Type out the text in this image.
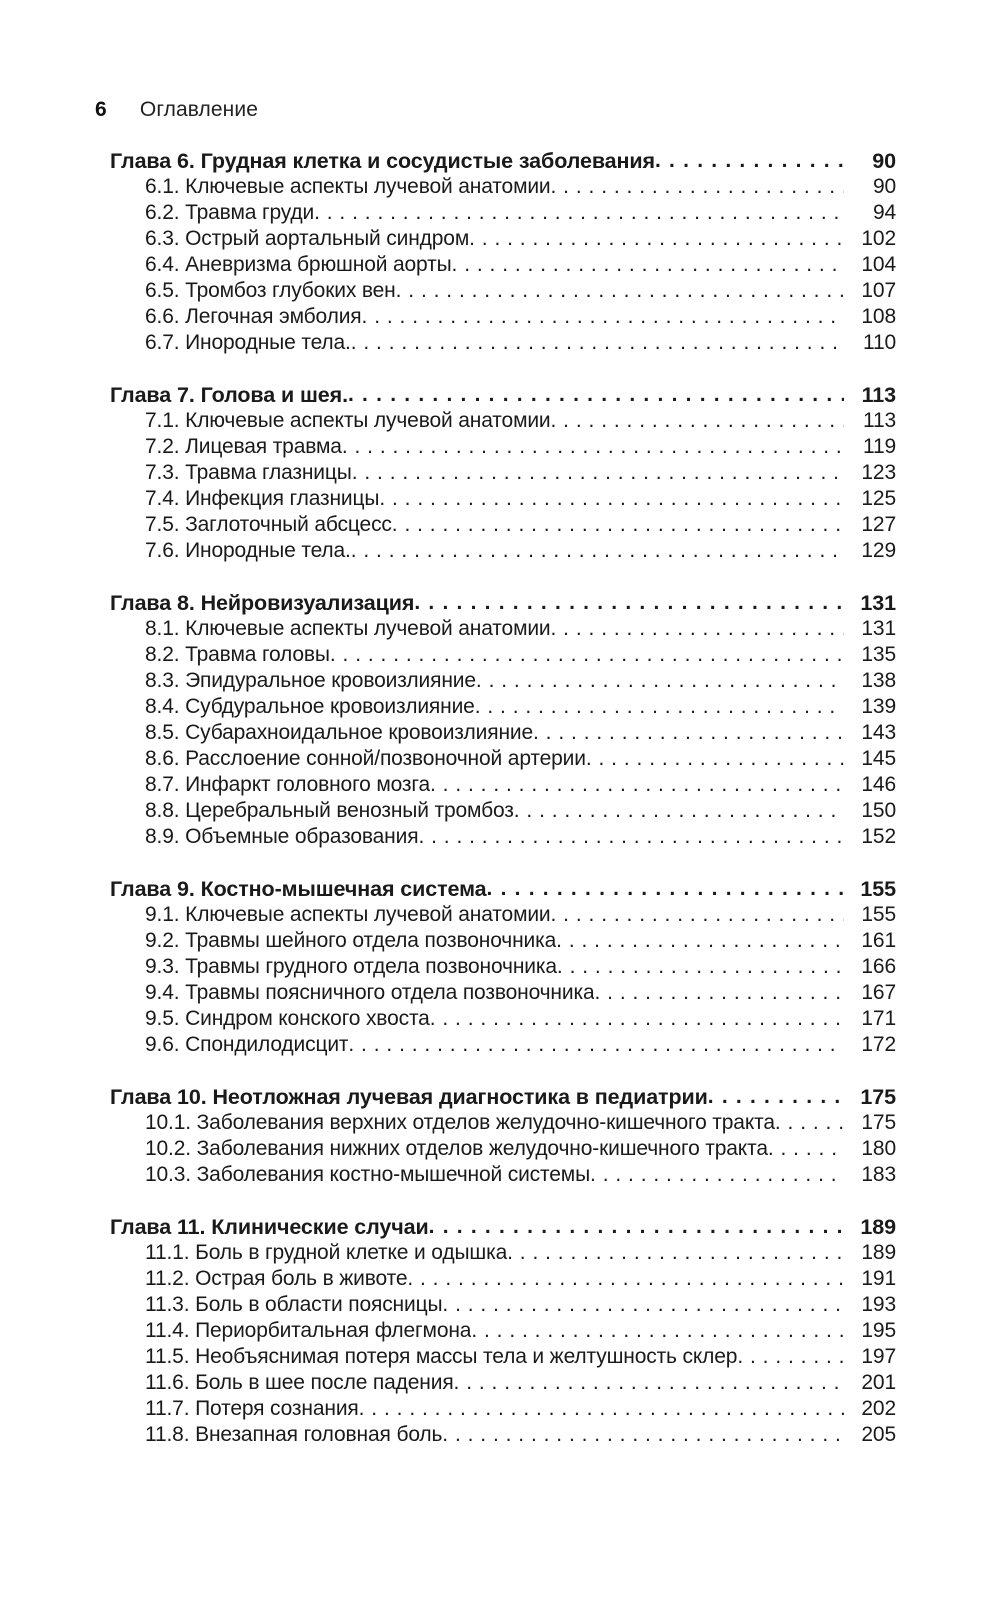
6 Оглавление
Глава 6. Грудная клетка и сосудистые заболевания . . .	90
6.1. Ключевые аспекты лучевой анатомии . . .	90
6.2. Травма груди . . .	94
6.3. Острый аортальный синдром . . .	102
6.4. Аневризма брюшной аорты . . .	104
6.5. Тромбоз глубоких вен . . .	107
6.6. Легочная эмболия . . .	108
6.7. Инородные тела. . . .	110
Глава 7. Голова и шея. . . .	113
7.1. Ключевые аспекты лучевой анатомии . . .	113
7.2. Лицевая травма . . .	119
7.3. Травма глазницы . . .	123
7.4. Инфекция глазницы . . .	125
7.5. Заглоточный абсцесс . . .	127
7.6. Инородные тела. . . .	129
Глава 8. Нейровизуализация . . .	131
8.1. Ключевые аспекты лучевой анатомии . . .	131
8.2. Травма головы . . .	135
8.3. Эпидуральное кровоизлияние . . .	138
8.4. Субдуральное кровоизлияние . . .	139
8.5. Субарахноидальное кровоизлияние . . .	143
8.6. Расслоение сонной/позвоночной артерии . . .	145
8.7. Инфаркт головного мозга . . .	146
8.8. Церебральный венозный тромбоз . . .	150
8.9. Объемные образования . . .	152
Глава 9. Костно-мышечная система . . .	155
9.1. Ключевые аспекты лучевой анатомии . . .	155
9.2. Травмы шейного отдела позвоночника . . .	161
9.3. Травмы грудного отдела позвоночника . . .	166
9.4. Травмы поясничного отдела позвоночника . . .	167
9.5. Синдром конского хвоста . . .	171
9.6. Спондилодисцит . . .	172
Глава 10. Неотложная лучевая диагностика в педиатрии . . .	175
10.1. Заболевания верхних отделов желудочно-кишечного тракта . . .	175
10.2. Заболевания нижних отделов желудочно-кишечного тракта . . .	180
10.3. Заболевания костно-мышечной системы . . .	183
Глава 11. Клинические случаи . . .	189
11.1. Боль в грудной клетке и одышка . . .	189
11.2. Острая боль в животе . . .	191
11.3. Боль в области поясницы . . .	193
11.4. Периорбитальная флегмона . . .	195
11.5. Необъяснимая потеря массы тела и желтушность склер . . .	197
11.6. Боль в шее после падения . . .	201
11.7. Потеря сознания . . .	202
11.8. Внезапная головная боль . . .	205
